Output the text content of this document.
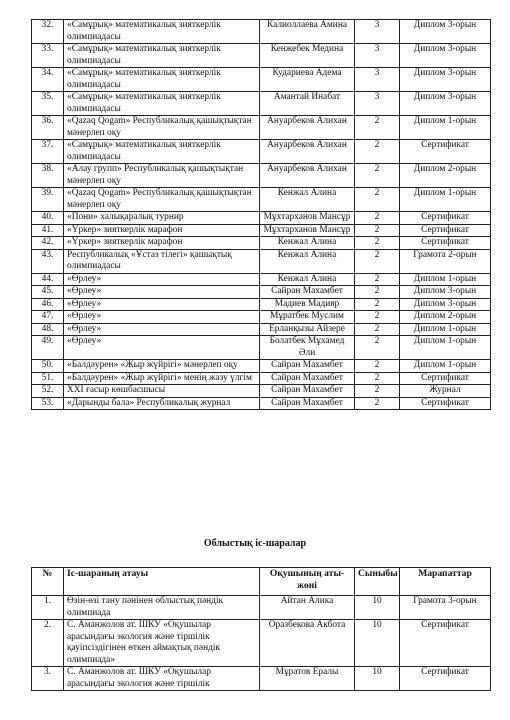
32.	«Самұрық» математикалық зияткерлік олимпиадасы	Калиоллаева Амина	3	Диплом 3-орын
33.	«Самұрық» математикалық зияткерлік олимпиадасы	Кенжебек Медина	3	Диплом 3-орын
34.	«Самұрық» математикалық зияткерлік олимпиадасы	Кудариева Адема	3	Диплом 3-орын
35.	«Самұрық» математикалық зияткерлік олимпиадасы	Амантай Инабат	3	Диплом 3-орын
36.	«Qazaq Qogam» Республикалық қашықтықтан мәнерлеп оқу	Ануарбеков Алихан	2	Диплом 1-орын
37.	«Самұрық» математикалық зияткерлік олимпиадасы	Ануарбеков Алихан	2	Сертификат
38.	«Алау групп» Республикалық қашықтықтан мәнерлеп оқу	Ануарбеков Алихан	2	Диплом 2-орын
39.	«Qazaq Qogam» Республикалық қашықтықтан мәнерлеп оқу	Кенжал Алина	2	Диплом 1-орын
40.	«Пони» халықаралық турнир	Мұхтарханов Мансұр	2	Сертификат
41.	«Үркер» зияткерлік марафон	Мұхтарханов Мансұр	2	Сертификат
42.	«Үркер» зияткерлік марафон	Кенжал Алина	2	Сертификат
43.	Республикалық «Ұстаз тілегі» қашықтық олимпиадасы	Кенжал Алина	2	Грамота 2-орын
44.	«Өрлеу»	Кенжал Алина	2	Диплом 1-орын
45.	«Өрлеу»	Сайран Махамбет	2	Диплом 3-орын
46.	«Өрлеу»	Мадиев Мадияр	2	Диплом 3-орын
47.	«Өрлеу»	Мұратбек Муслим	2	Диплом 2-орын
48.	«Өрлеу»	Ерланқызы Айзере	2	Диплом 1-орын
49.	«Өрлеу»	Болатбек Мұхамед Әли	2	Диплом 1-орын
50.	«Балдәурен» «Жыр жүйрігі» мәнерлеп оқу	Сайран Махамбет	2	Диплом 1-орын
51.	«Балдәурен» «Жыр жүйрігі» менің жазу үлгім	Сайран Махамбет	2	Сертификат
52.	XXI ғасыр көшбасшысы	Сайран Махамбет	2	Журнал
53.	«Дарынды бала» Республикалық журнал	Сайран Махамбет	2	Сертификат
Облыстық іс-шаралар
№	Іс-шараның атауы	Оқушының аты-жөні	Сыныбы	Марапаттар
1.	Өзін-өзі тану пәнінен облыстық пәндік олимпиада	Айтан Алика	10	Грамота 3-орын
2.	С. Аманжолов ат. ШКУ «Оқушылар арасындағы экология және тіршілік қауіпсіздігінен өткен аймақтық пәндік олимпиада»	Оразбекова Акбота	10	Сертификат
3.	С. Аманжолов ат. ШКУ «Оқушылар арасындағы экология және тіршілік	Мұратов Ералы	10	Сертификат
